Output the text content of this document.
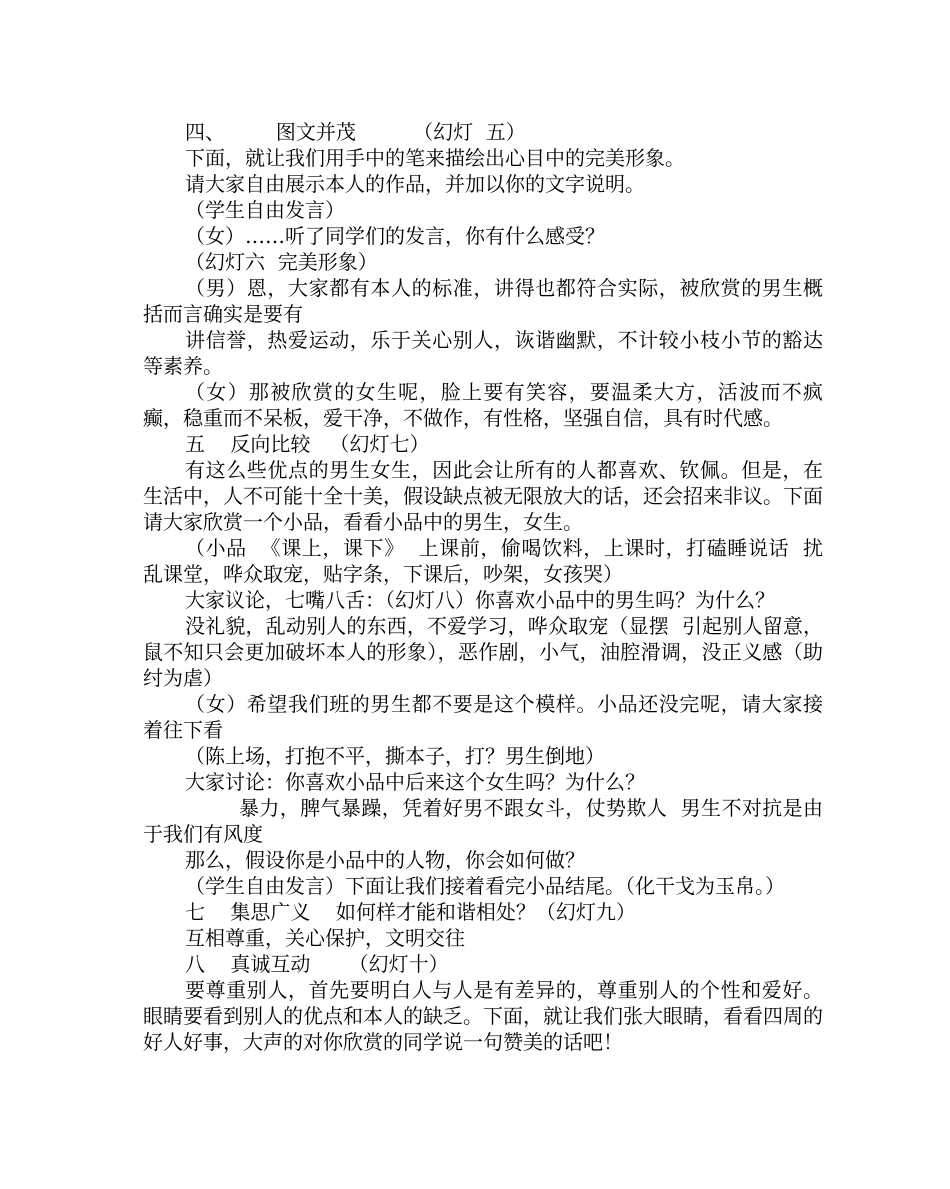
四、        图文并茂         （幻灯  五）

下面，就让我们用手中的笔来描绘出心目中的完美形象。

请大家自由展示本人的作品，并加以你的文字说明。

（学生自由发言）

（女）……听了同学们的发言，你有什么感受？

（幻灯六  完美形象）

（男）恩，大家都有本人的标准，讲得也都符合实际，被欣赏的男生概括而言确实是要有

讲信誉，热爱运动，乐于关心别人，诙谐幽默，不计较小枝小节的豁达等素养。

（女）那被欣赏的女生呢，脸上要有笑容，要温柔大方，活波而不疯癫，稳重而不呆板，爱干净，不做作，有性格，坚强自信，具有时代感。

五    反向比较   （幻灯七）

有这么些优点的男生女生，因此会让所有的人都喜欢、钦佩。但是，在生活中，人不可能十全十美，假设缺点被无限放大的话，还会招来非议。下面请大家欣赏一个小品，看看小品中的男生，女生。

（小品  《课上，课下》  上课前，偷喝饮料，上课时，打磕睡说话  扰乱课堂，哗众取宠，贴字条，下课后，吵架，女孩哭）

大家议论，七嘴八舌：（幻灯八）你喜欢小品中的男生吗？为什么？

没礼貌，乱动别人的东西，不爱学习，哗众取宠（显摆  引起别人留意，鼠不知只会更加破坏本人的形象），恶作剧，小气，油腔滑调，没正义感（助纣为虐）

（女）希望我们班的男生都不要是这个模样。小品还没完呢，请大家接着往下看

（陈上场，打抱不平，撕本子，打？男生倒地）

大家讨论：你喜欢小品中后来这个女生吗？为什么？

暴力，脾气暴躁，凭着好男不跟女斗，仗势欺人  男生不对抗是由于我们有风度

那么，假设你是小品中的人物，你会如何做？

（学生自由发言）下面让我们接着看完小品结尾。（化干戈为玉帛。）

七    集思广义    如何样才能和谐相处？（幻灯九）

互相尊重，关心保护，文明交往

八    真诚互动      （幻灯十）

要尊重别人，首先要明白人与人是有差异的，尊重别人的个性和爱好。眼睛要看到别人的优点和本人的缺乏。下面，就让我们张大眼睛，看看四周的好人好事，大声的对你欣赏的同学说一句赞美的话吧！
